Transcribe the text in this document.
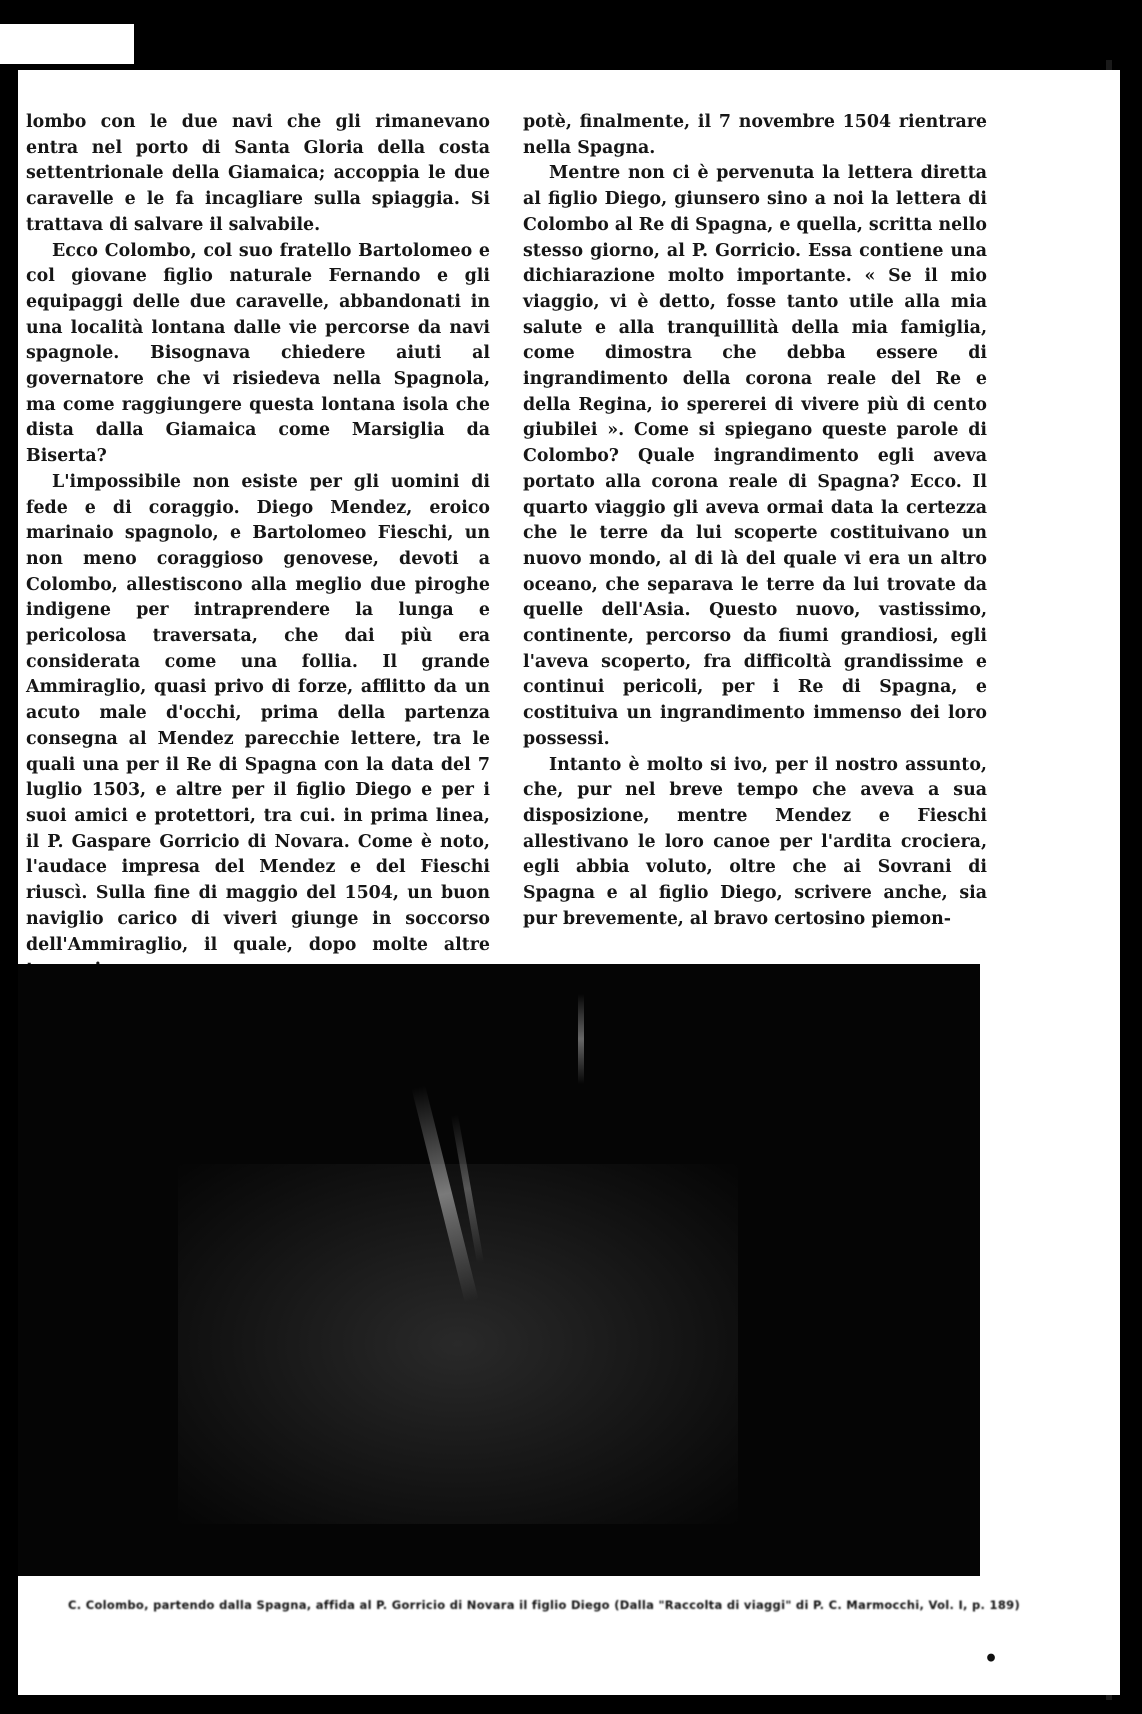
lombo con le due navi che gli rimanevano entra nel porto di Santa Gloria della costa settentrionale della Giamaica; accoppia le due caravelle e le fa incagliare sulla spiaggia. Si trattava di salvare il salvabile.

Ecco Colombo, col suo fratello Bartolomeo e col giovane figlio naturale Fernando e gli equipaggi delle due caravelle, abbandonati in una località lontana dalle vie percorse da navi spagnole. Bisognava chiedere aiuti al governatore che vi risiedeva nella Spagnola, ma come raggiungere questa lontana isola che dista dalla Giamaica come Marsiglia da Biserta?

L'impossibile non esiste per gli uomini di fede e di coraggio. Diego Mendez, eroico marinaio spagnolo, e Bartolomeo Fieschi, un non meno coraggioso genovese, devoti a Colombo, allestiscono alla meglio due piroghe indigene per intraprendere la lunga e pericolosa traversata, che dai più era considerata come una follia. Il grande Ammiraglio, quasi privo di forze, afflitto da un acuto male d'occhi, prima della partenza consegna al Mendez parecchie lettere, tra le quali una per il Re di Spagna con la data del 7 luglio 1503, e altre per il figlio Diego e per i suoi amici e protettori, tra cui. in prima linea, il P. Gaspare Gorricio di Novara. Come è noto, l'audace impresa del Mendez e del Fieschi riuscì. Sulla fine di maggio del 1504, un buon naviglio carico di viveri giunge in soccorso dell'Ammiraglio, il quale, dopo molte altre

potè, finalmente, il 7 novembre 1504 rientrare nella Spagna.

Mentre non ci è pervenuta la lettera diretta al figlio Diego, giunsero sino a noi la lettera di Colombo al Re di Spagna, e quella, scritta nello stesso giorno, al P. Gorricio. Essa contiene una dichiarazione molto importante. « Se il mio viaggio, vi è detto, fosse tanto utile alla mia salute e alla tranquillità della mia famiglia, come dimostra che debba essere di ingrandimento della corona reale del Re e della Regina, io spererei di vivere più di cento giubilei ». Come si spiegano queste parole di Colombo? Quale ingrandimento egli aveva portato alla corona reale di Spagna? Ecco. Il quarto viaggio gli aveva ormai data la certezza che le terre da lui scoperte costituivano un nuovo mondo, al di là del quale vi era un altro oceano, che separava le terre da lui trovate da quelle dell'Asia. Questo nuovo, vastissimo, continente, percorso da fiumi grandiosi, egli l'aveva scoperto, fra difficoltà grandissime e continui pericoli, per i Re di Spagna, e costituiva un ingrandimento immenso dei loro possessi.

Intanto è molto si ivo, per il nostro assunto, che, pur nel breve tempo che aveva a sua disposizione, mentre Mendez e Fieschi allestivano le loro canoe per l'ardita crociera, egli abbia voluto, oltre che ai Sovrani di Spagna e al figlio Diego, scrivere anche, sia pur brevemente, al bravo certosino piemon-

C. Colombo, partendo dalla Spagna, affida al P. Gorricio di Novara il figlio Diego (Dalla "Raccolta di viaggi" di P. C. Marmocchi, Vol. I, p. 189)
•
